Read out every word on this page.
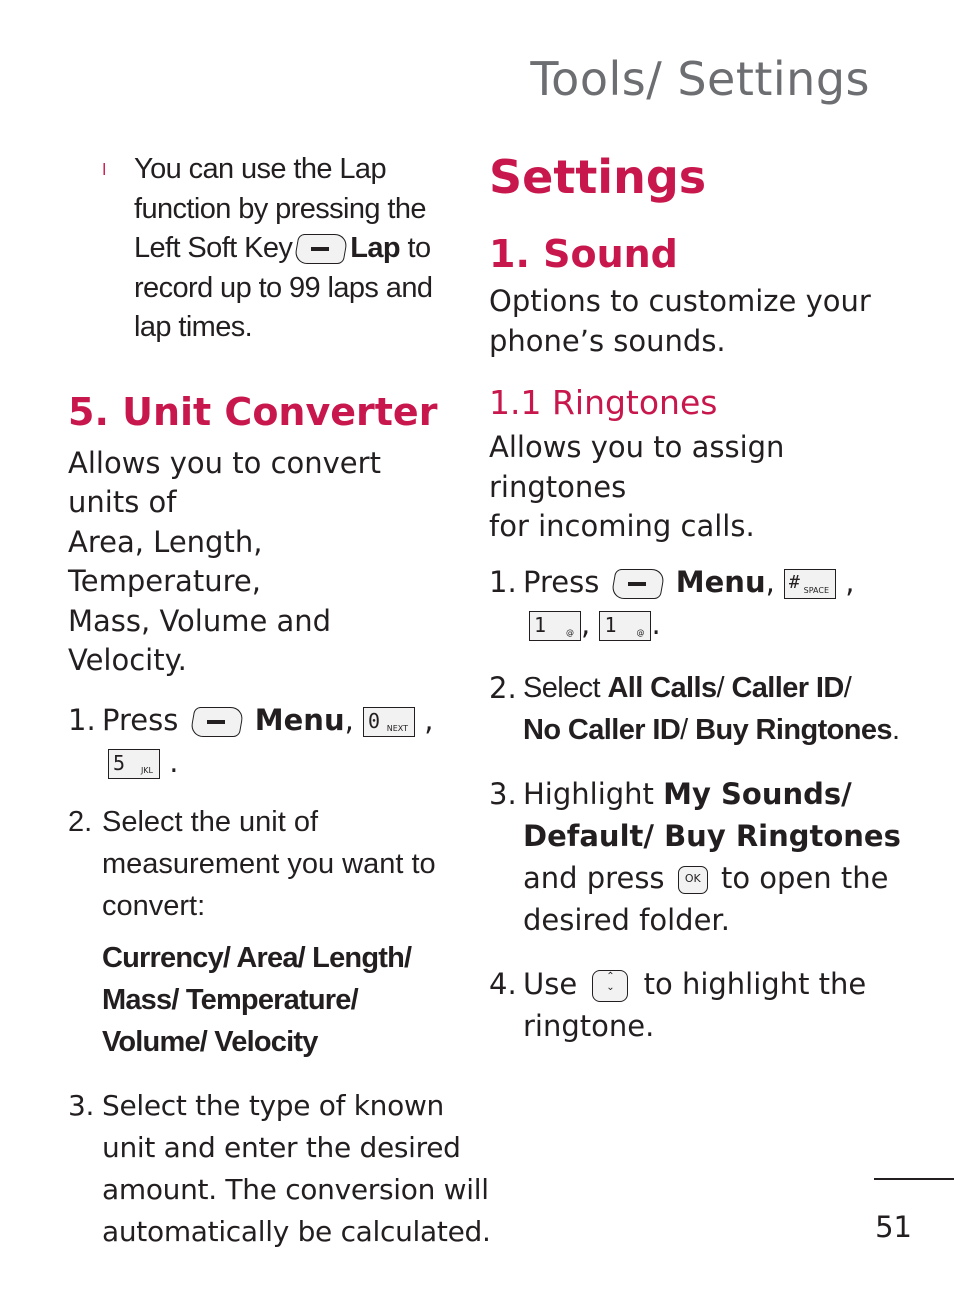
Tools/ Settings
l You can use the Lap
function by pressing the
Left Soft Key Lap to
record up to 99 laps and
lap times.
5. Unit Converter
Allows you to convert units of
Area, Length, Temperature,
Mass, Volume and Velocity.
1. Press	Menu, 0 NEXT ,
5 JKL .
2. Select the unit of
measurement you want to
convert:
Currency/ Area/ Length/
Mass/ Temperature/
Volume/ Velocity
3. Select the type of known
unit and enter the desired
amount. The conversion will
automatically be calculated.
Settings
1. Sound
Options to customize your
phone’s sounds.
1.1 Ringtones
Allows you to assign ringtones
for incoming calls.
1. Press	Menu, # SPACE ,
1 @ , 1 @ .
2. Select All Calls/ Caller ID/
No Caller ID/ Buy Ringtones.
3. Highlight My Sounds/
Default/ Buy Ringtones
and press OK to open the
desired folder.
4. Use	⌃
⌄ to highlight the
ringtone.
51
